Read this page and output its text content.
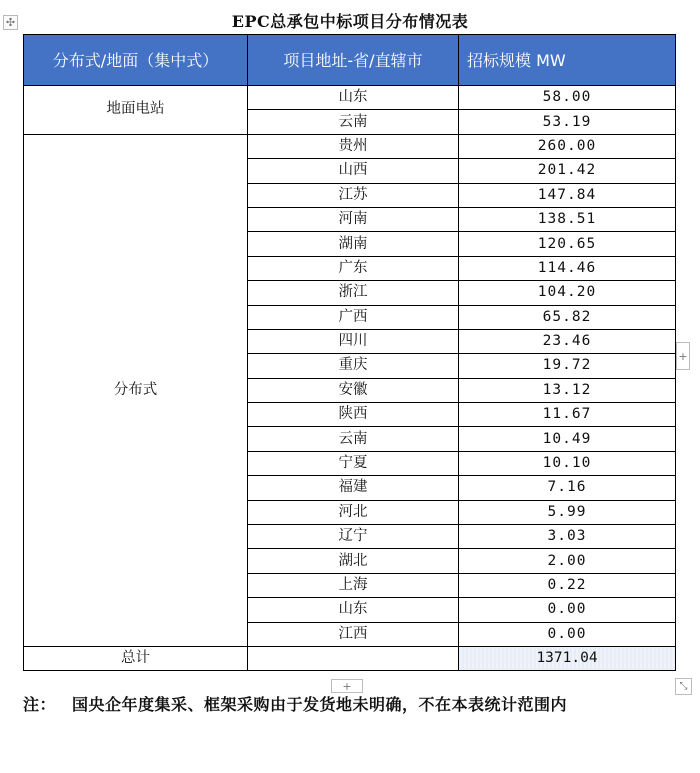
✣	EPC总承包中标项目分布情况表
分布式/地面（集中式）	项目地址-省/直辖市	招标规模 MW
地面电站	山东	58.00
	云南	53.19
分布式	贵州	260.00
	山西	201.42
	江苏	147.84
	河南	138.51
	湖南	120.65
	广东	114.46
	浙江	104.20
	广西	65.82
	四川	23.46
	重庆	19.72
	安徽	13.12
	陕西	11.67
	云南	10.49
	宁夏	10.10
	福建	7.16
	河北	5.99
	辽宁	3.03
	湖北	2.00
	上海	0.22
	山东	0.00
	江西	0.00
总计		1371.04
+
+	⤡
注： 国央企年度集采、框架采购由于发货地未明确，不在本表统计范围内
